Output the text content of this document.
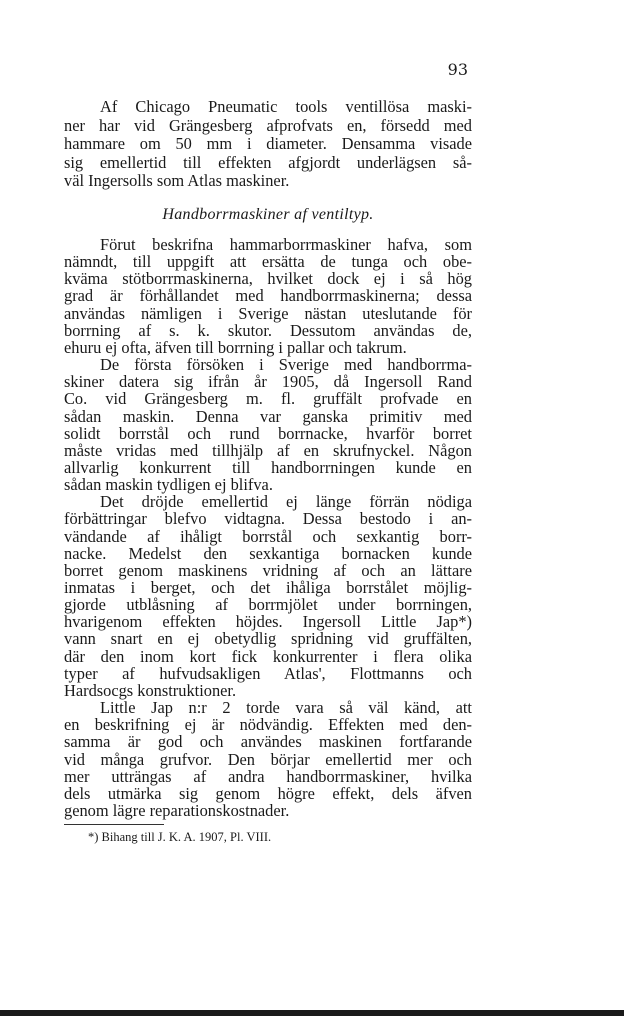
93
Af Chicago Pneumatic tools ventillösa maski-
ner har vid Grängesberg afprofvats en, försedd med
hammare om 50 mm i diameter. Densamma visade
sig emellertid till effekten afgjordt underlägsen så-
väl Ingersolls som Atlas maskiner.
Handborrmaskiner af ventiltyp.
Förut beskrifna hammarborrmaskiner hafva, som
nämndt, till uppgift att ersätta de tunga och obe-
kväma stötborrmaskinerna, hvilket dock ej i så hög
grad är förhållandet med handborrmaskinerna; dessa
användas nämligen i Sverige nästan uteslutande för
borrning af s. k. skutor. Dessutom användas de,
ehuru ej ofta, äfven till borrning i pallar och takrum.
De första försöken i Sverige med handborrma-
skiner datera sig ifrån år 1905, då Ingersoll Rand
Co. vid Grängesberg m. fl. gruffält profvade en
sådan maskin. Denna var ganska primitiv med
solidt borrstål och rund borrnacke, hvarför borret
måste vridas med tillhjälp af en skrufnyckel. Någon
allvarlig konkurrent till handborrningen kunde en
sådan maskin tydligen ej blifva.
Det dröjde emellertid ej länge förrän nödiga
förbättringar blefvo vidtagna. Dessa bestodo i an-
vändande af ihåligt borrstål och sexkantig borr-
nacke. Medelst den sexkantiga bornacken kunde
borret genom maskinens vridning af och an lättare
inmatas i berget, och det ihåliga borrstålet möjlig-
gjorde utblåsning af borrmjölet under borrningen,
hvarigenom effekten höjdes. Ingersoll Little Jap*)
vann snart en ej obetydlig spridning vid gruffälten,
där den inom kort fick konkurrenter i flera olika
typer af hufvudsakligen Atlas', Flottmanns och
Hardsocgs konstruktioner.
*) Bihang till J. K. A. 1907, Pl. VIII.
Little Jap n:r 2 torde vara så väl känd, att
en beskrifning ej är nödvändig. Effekten med den-
samma är god och användes maskinen fortfarande
vid många grufvor. Den börjar emellertid mer och
mer utträngas af andra handborrmaskiner, hvilka
dels utmärka sig genom högre effekt, dels äfven
genom lägre reparationskostnader.
